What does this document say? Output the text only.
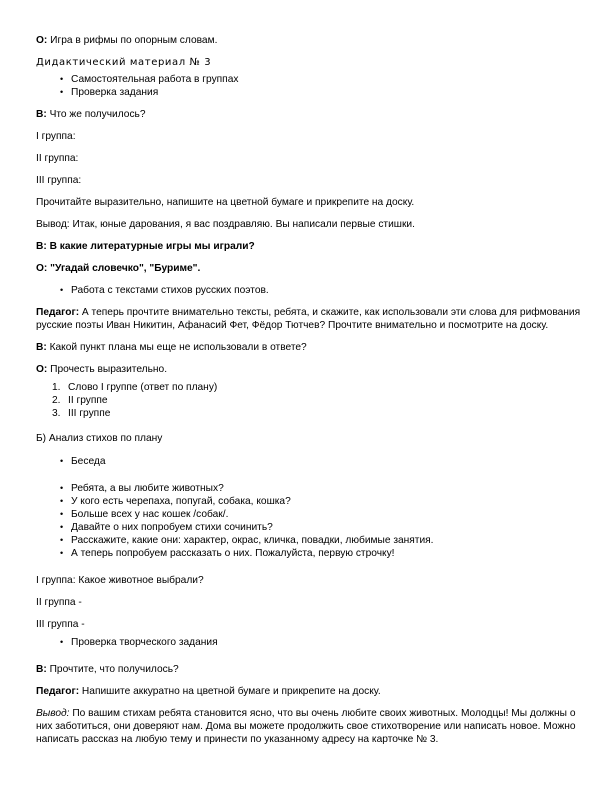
О: Игра в рифмы по опорным словам.

Дидактический материал № 3

• Самостоятельная работа в группах
• Проверка задания

В: Что же получилось?

I группа:

II группа:

III группа:

Прочитайте выразительно, напишите на цветной бумаге и прикрепите на доску.

Вывод: Итак, юные дарования, я вас поздравляю. Вы написали первые стишки.

В: В какие литературные игры мы играли?

О: "Угадай словечко", "Буриме".

• Работа с текстами стихов русских поэтов.

Педагог: А теперь прочтите внимательно тексты, ребята, и скажите, как использовали эти слова для рифмования русские поэты Иван Никитин, Афанасий Фет, Фёдор Тютчев? Прочтите внимательно и посмотрите на доску.

В: Какой пункт плана мы еще не использовали в ответе?

О: Прочесть выразительно.

1. Слово I группе (ответ по плану)
2. II группе
3. III группе

Б) Анализ стихов по плану

• Беседа
• Ребята, а вы любите животных?
• У кого есть черепаха, попугай, собака, кошка?
• Больше всех у нас кошек /собак/.
• Давайте о них попробуем стихи сочинить?
• Расскажите, какие они: характер, окрас, кличка, повадки, любимые занятия.
• А теперь попробуем рассказать о них. Пожалуйста, первую строчку!

I группа: Какое животное выбрали?

II группа -

III группа -

• Проверка творческого задания

В: Прочтите, что получилось?

Педагог: Напишите аккуратно на цветной бумаге и прикрепите на доску.

Вывод: По вашим стихам ребята становится ясно, что вы очень любите своих животных. Молодцы! Мы должны о них заботиться, они доверяют нам. Дома вы можете продолжить свое стихотворение или написать новое. Можно написать рассказ на любую тему и принести по указанному адресу на карточке № 3.
